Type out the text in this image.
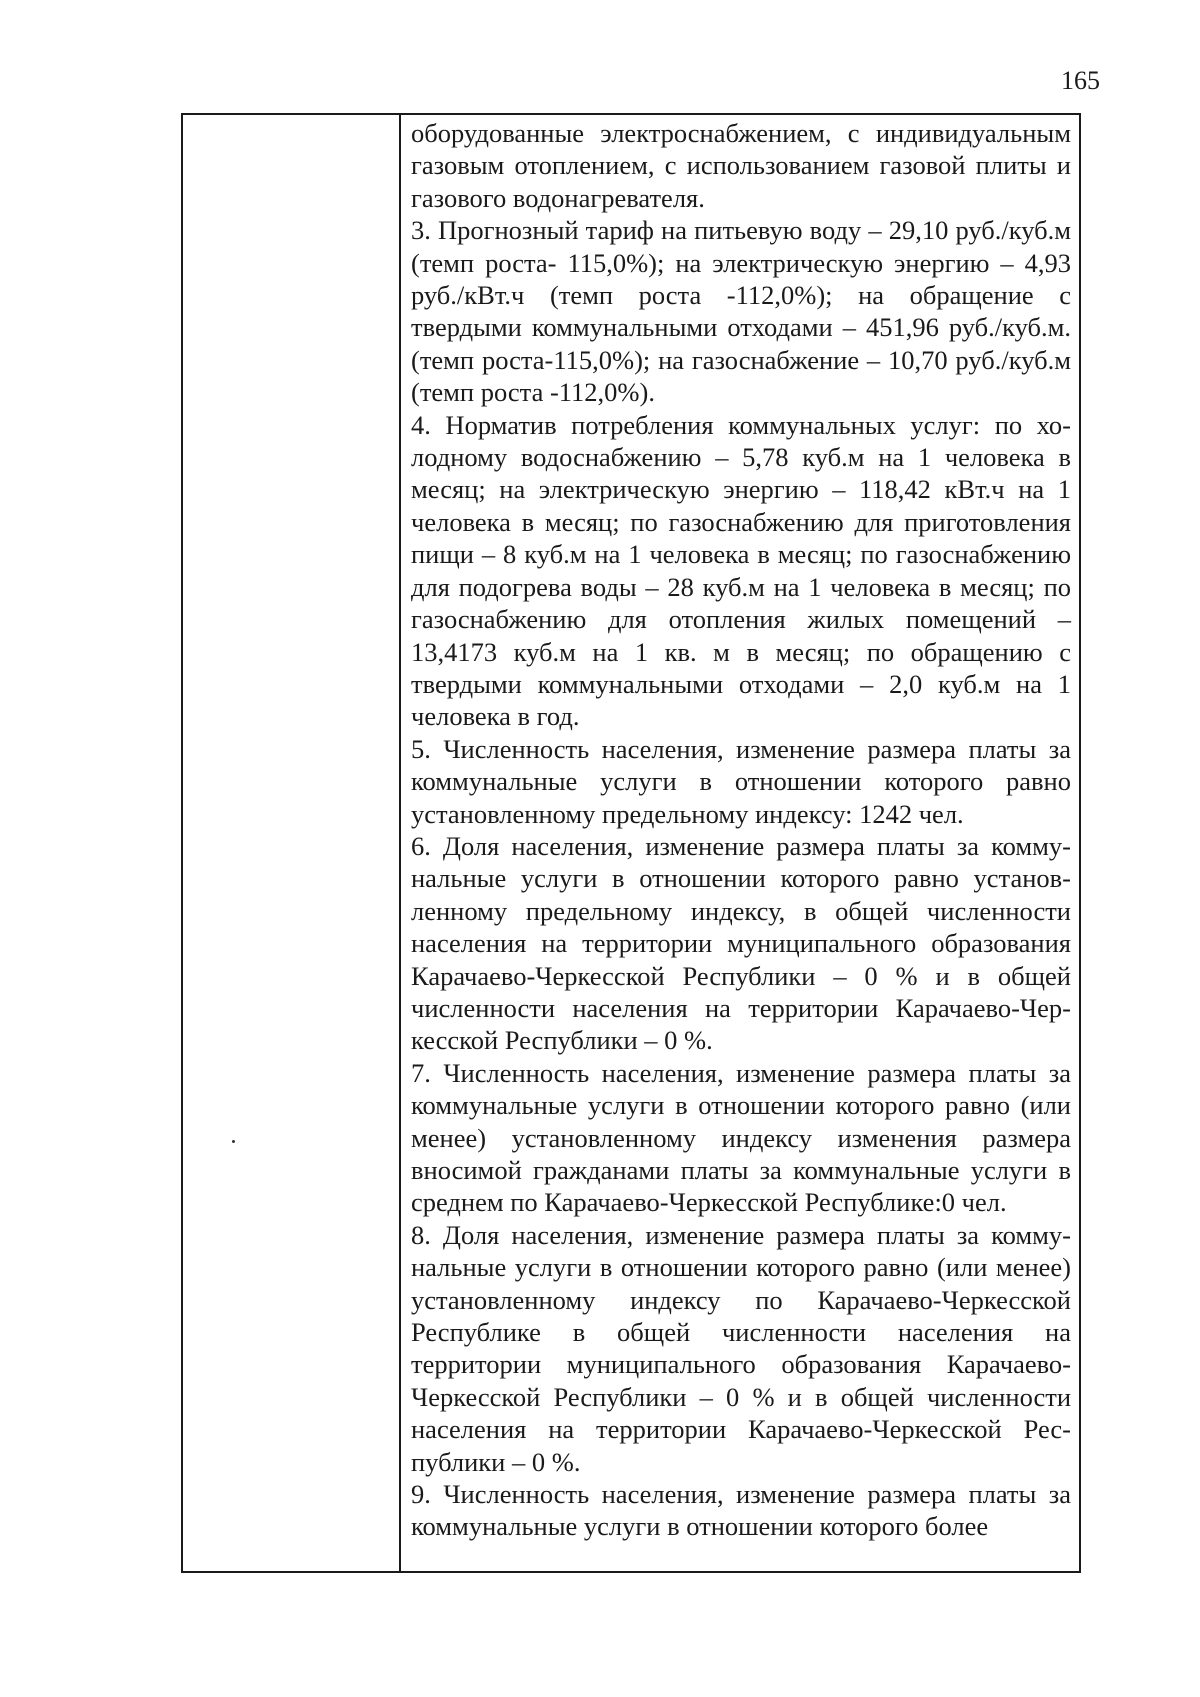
165

оборудованные электроснабжением, с индивидуальным газовым отоплением, с использованием газовой плиты и газового водонагревателя.

3. Прогнозный тариф на питьевую воду – 29,10 руб./куб.м (темп роста- 115,0%); на электрическую энергию – 4,93 руб./кВт.ч (темп роста -112,0%); на обращение с твердыми коммунальными отходами – 451,96 руб./куб.м. (темп роста-115,0%); на газоснабжение – 10,70 руб./куб.м (темп роста -112,0%).

4. Норматив потребления коммунальных услуг: по холодному водоснабжению – 5,78 куб.м на 1 человека в месяц; на электрическую энергию – 118,42 кВт.ч на 1 человека в месяц; по газоснабжению для приготовления пищи – 8 куб.м на 1 человека в месяц; по газоснабжению для подогрева воды – 28 куб.м на 1 человека в месяц; по газоснабжению для отопления жилых помещений – 13,4173 куб.м на 1 кв. м в месяц; по обращению с твердыми коммунальными отходами – 2,0 куб.м на 1 человека в год.

5. Численность населения, изменение размера платы за коммунальные услуги в отношении которого равно установленному предельному индексу: 1242 чел.

6. Доля населения, изменение размера платы за коммунальные услуги в отношении которого равно установленному предельному индексу, в общей численности населения на территории муниципального образования Карачаево-Черкесской Республики – 0 % и в общей численности населения на территории Карачаево-Черкесской Республики – 0 %.

7. Численность населения, изменение размера платы за коммунальные услуги в отношении которого равно (или менее) установленному индексу изменения размера вносимой гражданами платы за коммунальные услуги в среднем по Карачаево-Черкесской Республике:0 чел.

8. Доля населения, изменение размера платы за коммунальные услуги в отношении которого равно (или менее) установленному индексу по Карачаево-Черкесской Республике в общей численности населения на территории муниципального образования Карачаево-Черкесской Республики – 0 % и в общей численности населения на территории Карачаево-Черкесской Республики – 0 %.

9. Численность населения, изменение размера платы за коммунальные услуги в отношении которого более
